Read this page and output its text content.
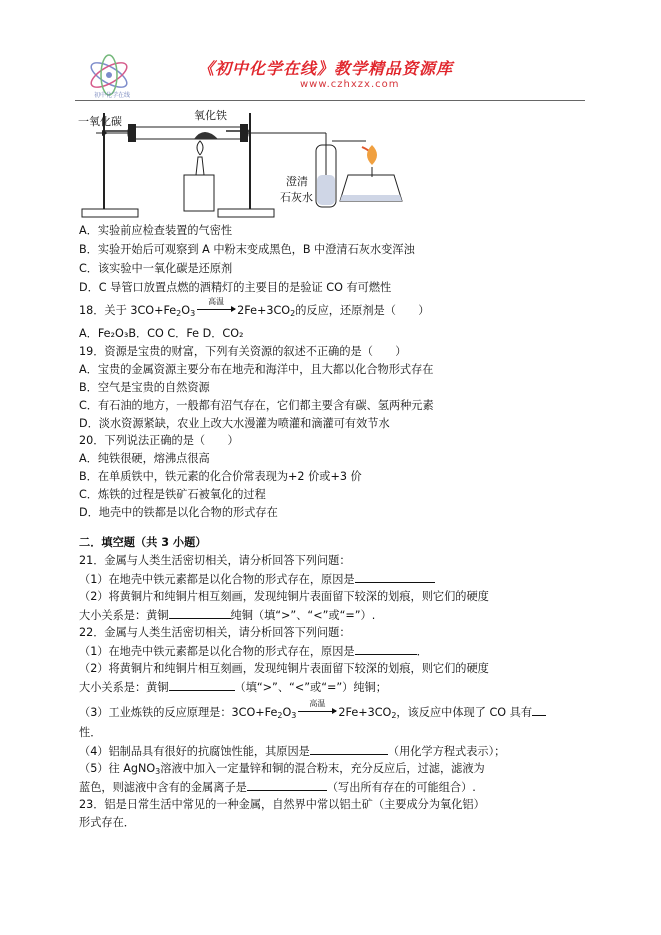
初中化学在线
《初中化学在线》教学精品资源库
www.czhxzx.com
一氧化碳	氧化铁
澄清
石灰水
A．实验前应检查装置的气密性
B．实验开始后可观察到 A 中粉末变成黑色，B 中澄清石灰水变浑浊
C．该实验中一氧化碳是还原剂
D．C 导管口放置点燃的酒精灯的主要目的是验证 CO 有可燃性
18．关于 $3CO+Fe_2O_3$
高温
$2Fe+3CO_2$的反应，还原剂是（　　）
A．Fe₂O₃B．CO C．Fe D．CO₂
19．资源是宝贵的财富，下列有关资源的叙述不正确的是（　　）
A．宝贵的金属资源主要分布在地壳和海洋中，且大都以化合物形式存在
B．空气是宝贵的自然资源
C．有石油的地方，一般都有沼气存在，它们都主要含有碳、氢两种元素
D．淡水资源紧缺，农业上改大水漫灌为喷灌和滴灌可有效节水
20．下列说法正确的是（　　）
A．纯铁很硬，熔沸点很高
B．在单质铁中，铁元素的化合价常表现为+2 价或+3 价
C．炼铁的过程是铁矿石被氧化的过程
D．地壳中的铁都是以化合物的形式存在
二．填空题（共 3 小题）
21．金属与人类生活密切相关，请分析回答下列问题：
（1）在地壳中铁元素都是以化合物的形式存在，原因是
（2）将黄铜片和纯铜片相互刻画，发现纯铜片表面留下较深的划痕，则它们的硬度
大小关系是：黄铜	纯铜（填“>”、“<”或“=”）.
22．金属与人类生活密切相关，请分析回答下列问题：
（1）在地壳中铁元素都是以化合物的形式存在，原因是	．
（2）将黄铜片和纯铜片相互刻画，发现纯铜片表面留下较深的划痕，则它们的硬度
大小关系是：黄铜	（填“>”、“<”或“=”）纯铜；
（3）工业炼铁的反应原理是：$3CO+Fe_2O_3$
高温
$2Fe+3CO_2$，该反应中体现了 CO 具有
性．
（4）铝制品具有很好的抗腐蚀性能，其原因是	（用化学方程式表示）；
（5）往 AgNO$_3$溶液中加入一定量锌和铜的混合粉末，充分反应后，过滤，滤液为
蓝色，则滤液中含有的金属离子是	（写出所有存在的可能组合）.
23．铝是日常生活中常见的一种金属，自然界中常以铝土矿（主要成分为氧化铝）
形式存在．
